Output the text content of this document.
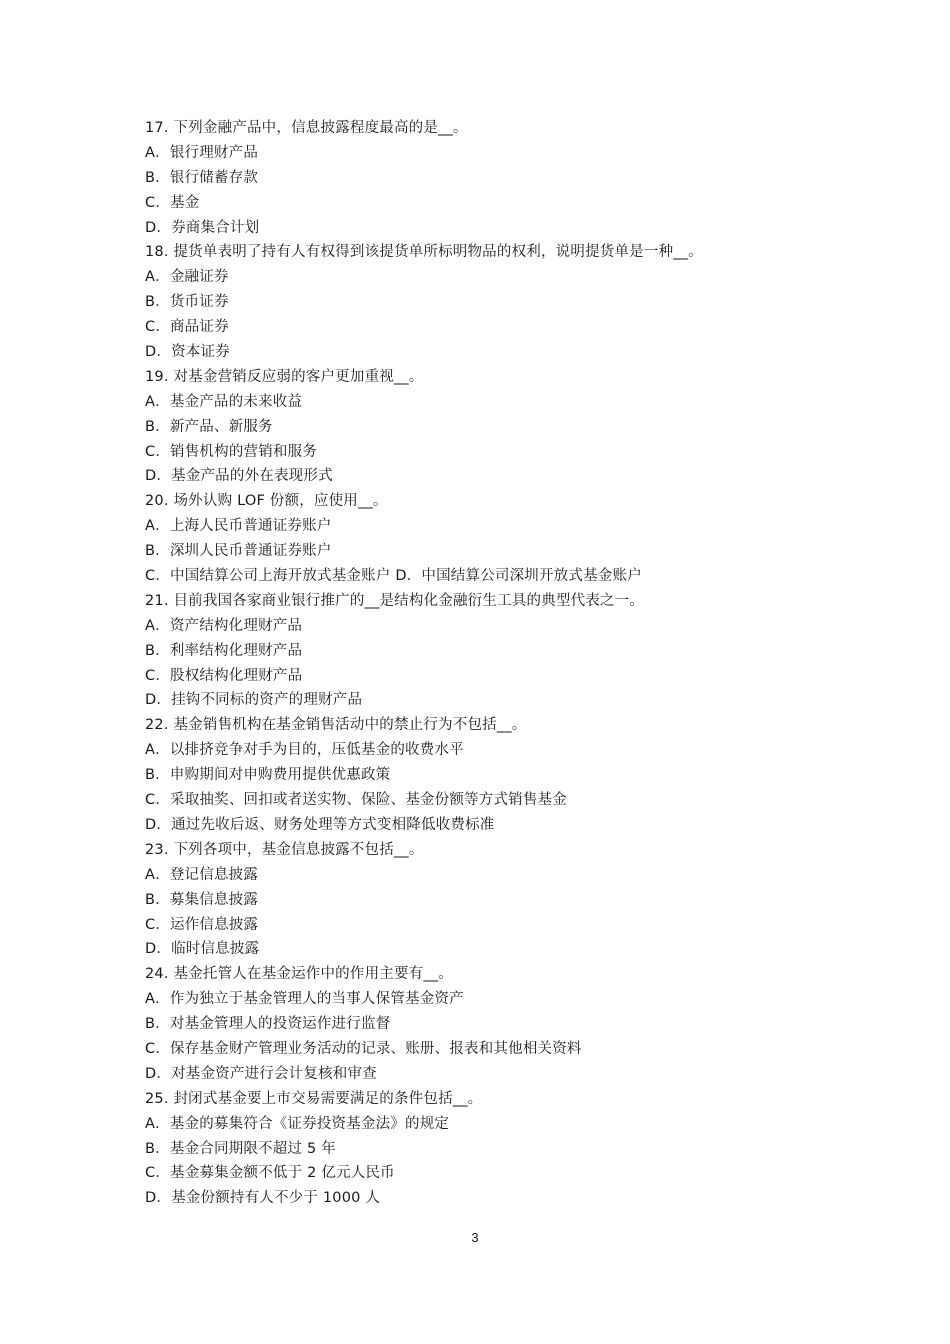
17. 下列金融产品中，信息披露程度最高的是__。
A．银行理财产品
B．银行储蓄存款
C．基金
D．券商集合计划
18. 提货单表明了持有人有权得到该提货单所标明物品的权利，说明提货单是一种__。
A．金融证券
B．货币证券
C．商品证券
D．资本证券
19. 对基金营销反应弱的客户更加重视__。
A．基金产品的未来收益
B．新产品、新服务
C．销售机构的营销和服务
D．基金产品的外在表现形式
20. 场外认购 LOF 份额，应使用__。
A．上海人民币普通证券账户
B．深圳人民币普通证券账户
C．中国结算公司上海开放式基金账户 D．中国结算公司深圳开放式基金账户
21. 目前我国各家商业银行推广的__是结构化金融衍生工具的典型代表之一。
A．资产结构化理财产品
B．利率结构化理财产品
C．股权结构化理财产品
D．挂钩不同标的资产的理财产品
22. 基金销售机构在基金销售活动中的禁止行为不包括__。
A．以排挤竞争对手为目的，压低基金的收费水平
B．申购期间对申购费用提供优惠政策
C．采取抽奖、回扣或者送实物、保险、基金份额等方式销售基金
D．通过先收后返、财务处理等方式变相降低收费标准
23. 下列各项中，基金信息披露不包括__。
A．登记信息披露
B．募集信息披露
C．运作信息披露
D．临时信息披露
24. 基金托管人在基金运作中的作用主要有__。
A．作为独立于基金管理人的当事人保管基金资产
B．对基金管理人的投资运作进行监督
C．保存基金财产管理业务活动的记录、账册、报表和其他相关资料
D．对基金资产进行会计复核和审查
25. 封闭式基金要上市交易需要满足的条件包括__。
A．基金的募集符合《证券投资基金法》的规定
B．基金合同期限不超过 5 年
C．基金募集金额不低于 2 亿元人民币
D．基金份额持有人不少于 1000 人
3
